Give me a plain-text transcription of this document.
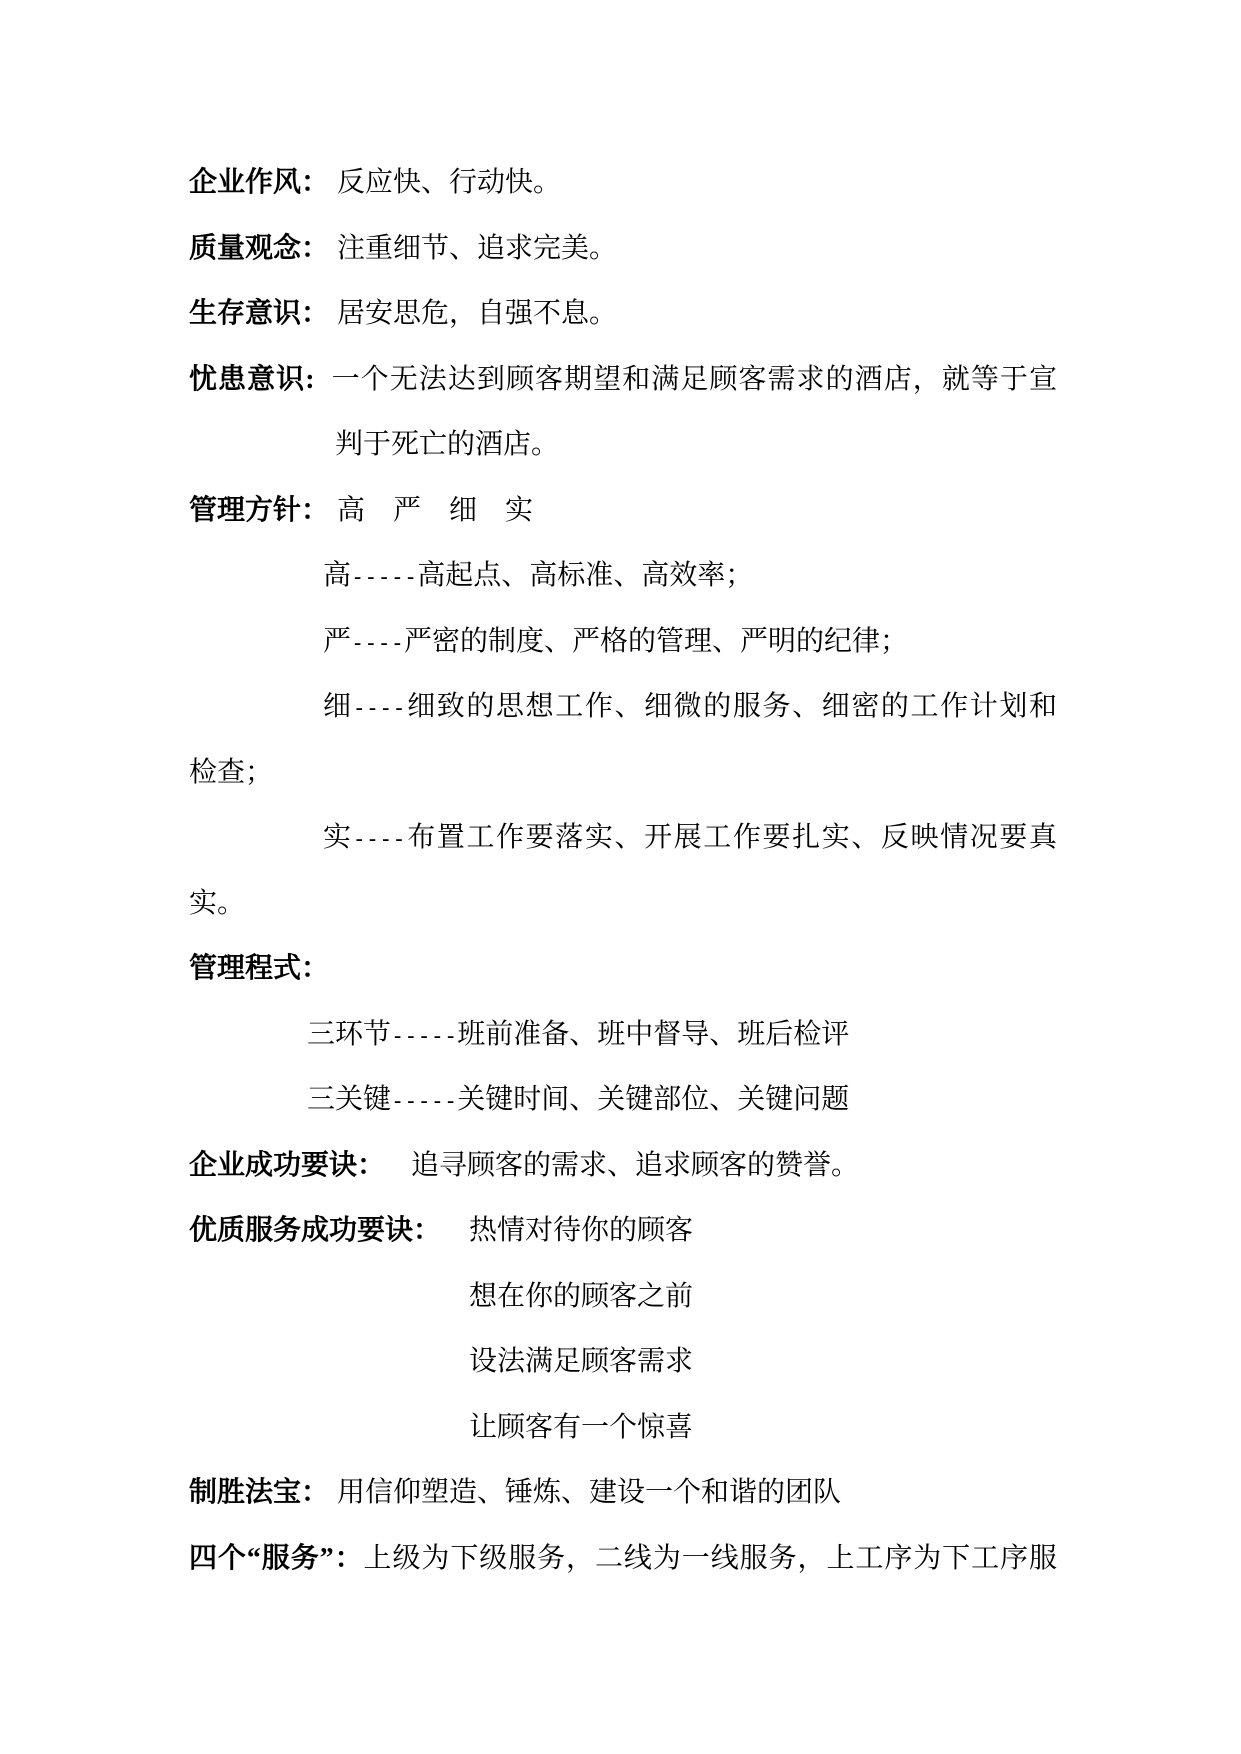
企业作风： 反应快、行动快。
质量观念： 注重细节、追求完美。
生存意识： 居安思危，自强不息。
忧患意识: 一个无法达到顾客期望和满足顾客需求的酒店，就等于宣
判于死亡的酒店。
管理方针： 高　严　细　实
高-----高起点、高标准、高效率；
严----严密的制度、严格的管理、严明的纪律；
细----细致的思想工作、细微的服务、细密的工作计划和
检查；
实----布置工作要落实、开展工作要扎实、反映情况要真
实。
管理程式：
三环节-----班前准备、班中督导、班后检评
三关键-----关键时间、关键部位、关键问题
企业成功要诀： 追寻顾客的需求、追求顾客的赞誉。
优质服务成功要诀： 热情对待你的顾客
想在你的顾客之前
设法满足顾客需求
让顾客有一个惊喜
制胜法宝： 用信仰塑造、锤炼、建设一个和谐的团队
四个“服务”：上级为下级服务，二线为一线服务，上工序为下工序服
